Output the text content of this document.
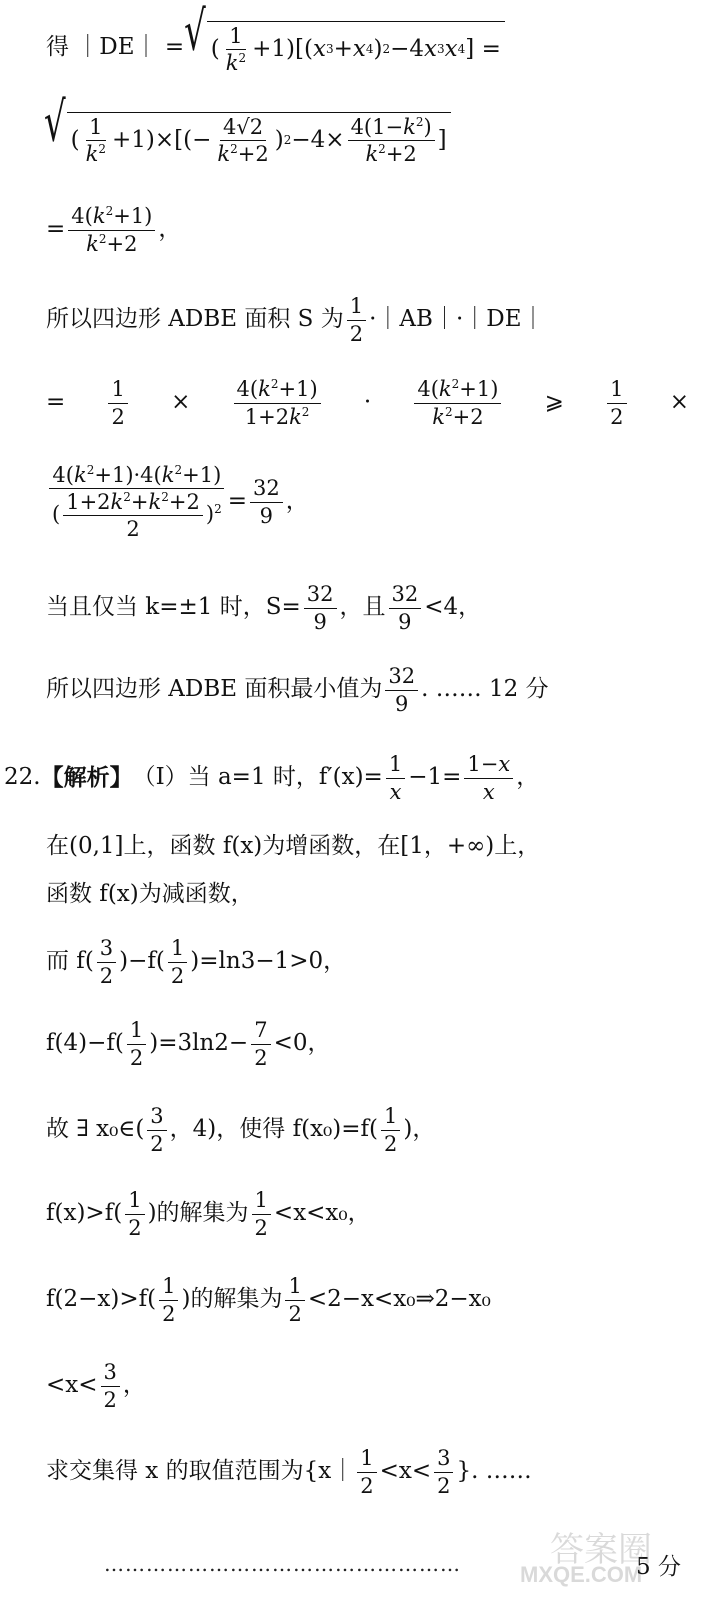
得 ｜DE｜ = √ ( $\frac{1}{k^2} +1$)[( x 3 + x 4 ) 2 −4 x 3 x 4 ] =
√ ( $\frac{1}{k^2} +1)\times[(- \frac{4√2}{k^2+2}$ ) $2 -4\times \frac{4(1-k^2)}{k^2+2}$ ]
= $\frac{4(k^2+1)}{k^2+2}$ ，
所以四边形 ADBE 面积 S 为 $\frac{1}{2}$ ·｜AB｜·｜DE｜
= $\frac{1}{2} \times \frac{4(k^2+1)}{1+2k^2} \cdot \frac{4(k^2+1)}{k^2+2}$ ⩾ $\frac{1}{2}$ ×
$\frac{4(k^2+1)\cdot 4(k^2+1)}{( \frac{1+2k^2+k^2+2}{2} )^2} = \frac{32}{9}$ ，
当且仅当 k=±1 时，$S= \frac{32}{9}$ ，且 $\frac{32}{9} <4$，
所以四边形 ADBE 面积最小值为 $\frac{32}{9}$ . …… 12 分
22. 【解析】 （Ⅰ）当 a=1 时，$f'(x)= \frac{1}{x} -1= \frac{1-x}{x}$ ，
在(0,1]上，函数 f(x)为增函数，在[1，+∞)上，
函数 f(x)为减函数，
而 $f( \frac{3}{2} )-f( \frac{1}{2} )=\ln 3-1>0$，
$f(4)-f( \frac{1}{2} )=3\ln 2- \frac{7}{2} <0$，
故 ∃ x₀∈( $\frac{3}{2}$ ，4)，使得 $f(x_0)=f( \frac{1}{2}$ )，
$f(x)>f( \frac{1}{2}$ )的解集为 $\frac{1}{2} <x<x_0$，
$f(2-x)>f( \frac{1}{2}$ )的解集为 $\frac{1}{2}$ <2−x<x₀⇒2−x₀
$<x< \frac{3}{2}$ ，
求交集得 x 的取值范围为{x｜ $\frac{1}{2} <x< \frac{3}{2}$ }. ……
……………………………………………	5 分
答案圈
MXQE.COM
